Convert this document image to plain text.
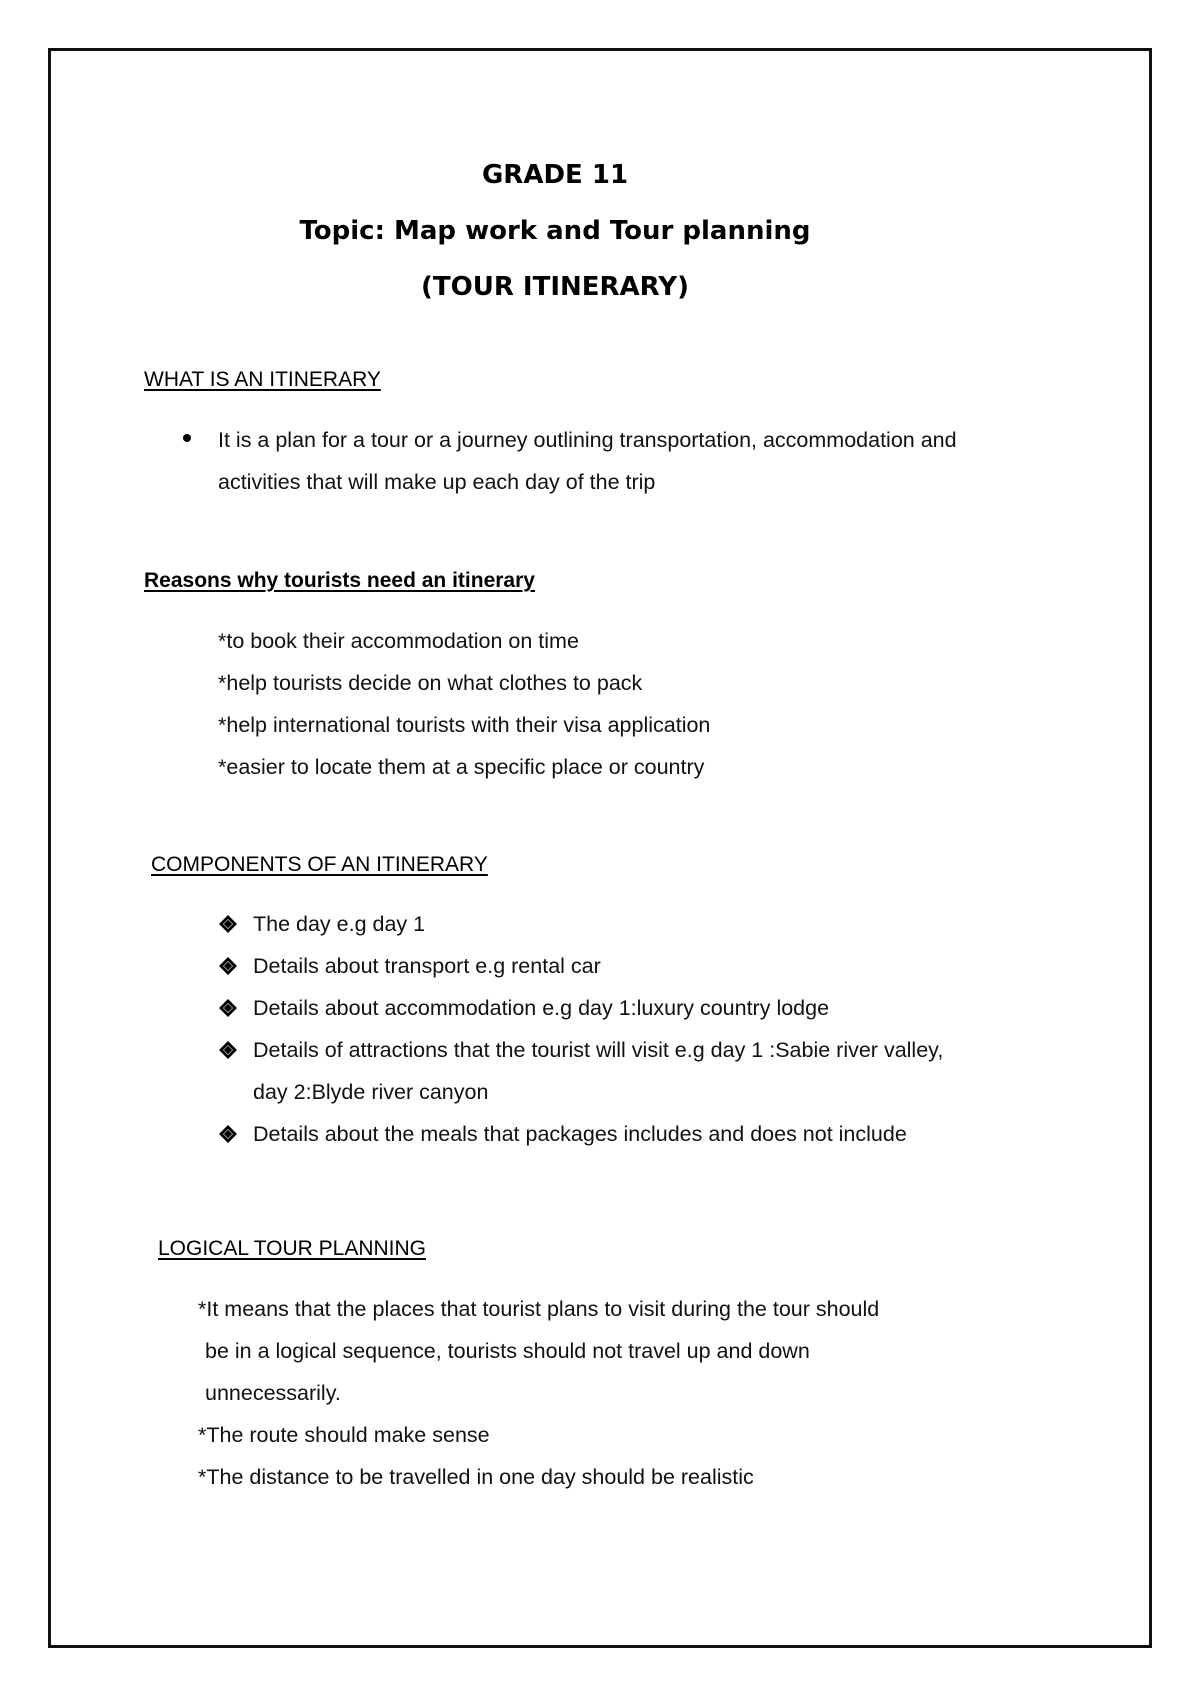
GRADE 11
Topic: Map work and Tour planning
(TOUR ITINERARY)
WHAT IS AN ITINERARY
It is a plan for a tour or a journey outlining transportation, accommodation and
activities that will make up each day of the trip
Reasons why tourists need an itinerary
*to book their accommodation on time
*help tourists decide on what clothes to pack
*help international tourists with their visa application
*easier to locate them at a specific place or country
COMPONENTS OF AN ITINERARY
The day e.g day 1
Details about transport e.g rental car
Details about accommodation e.g day 1:luxury country lodge
Details of attractions that the tourist will visit e.g day 1 :Sabie river valley,
day 2:Blyde river canyon
Details about the meals that packages includes and does not include
LOGICAL TOUR PLANNING
*It means that the places that tourist plans to visit during the tour should
be in a logical sequence, tourists should not travel up and down
unnecessarily.
*The route should make sense
*The distance to be travelled in one day should be realistic
